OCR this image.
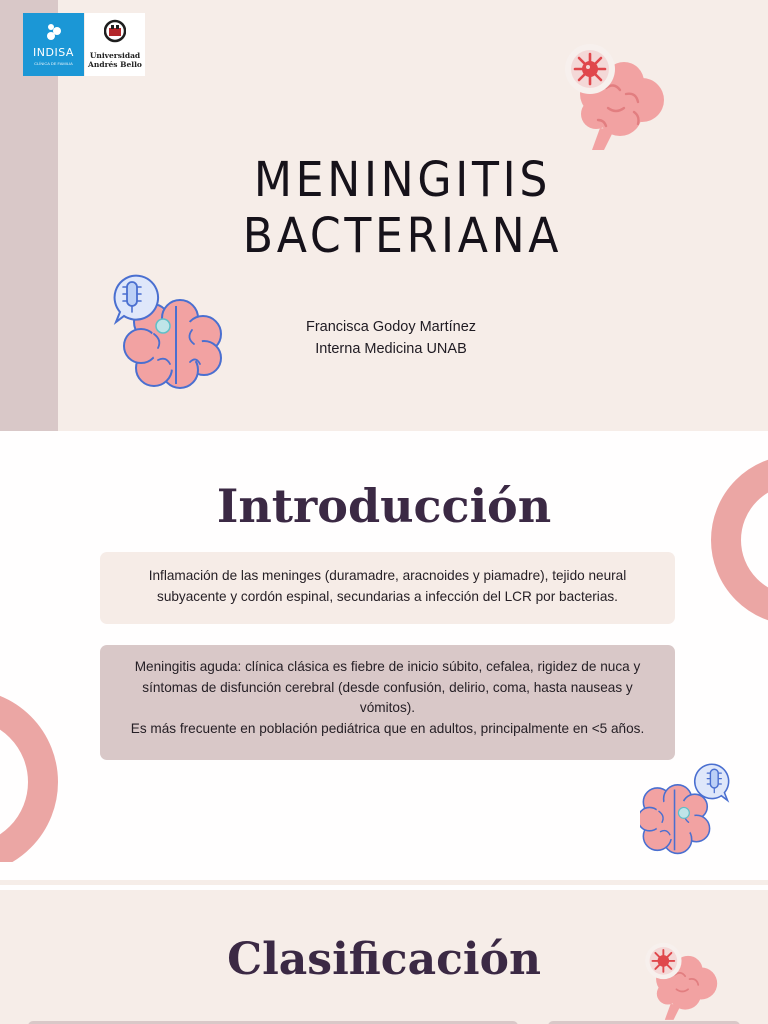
INDISA
CLÍNICA DE FAMILIA
Universidad
Andrés Bello
MENINGITIS
BACTERIANA
Francisca Godoy Martínez
Interna Medicina UNAB
Introducción
Inflamación de las meninges (duramadre, aracnoides y piamadre), tejido neural subyacente y cordón espinal, secundarias a infección del LCR por bacterias.
Meningitis aguda: clínica clásica es fiebre de inicio súbito, cefalea, rigidez de nuca y síntomas de disfunción cerebral (desde confusión, delirio, coma, hasta nauseas y vómitos).
Es más frecuente en población pediátrica que en adultos, principalmente en <5 años.
Clasificación
